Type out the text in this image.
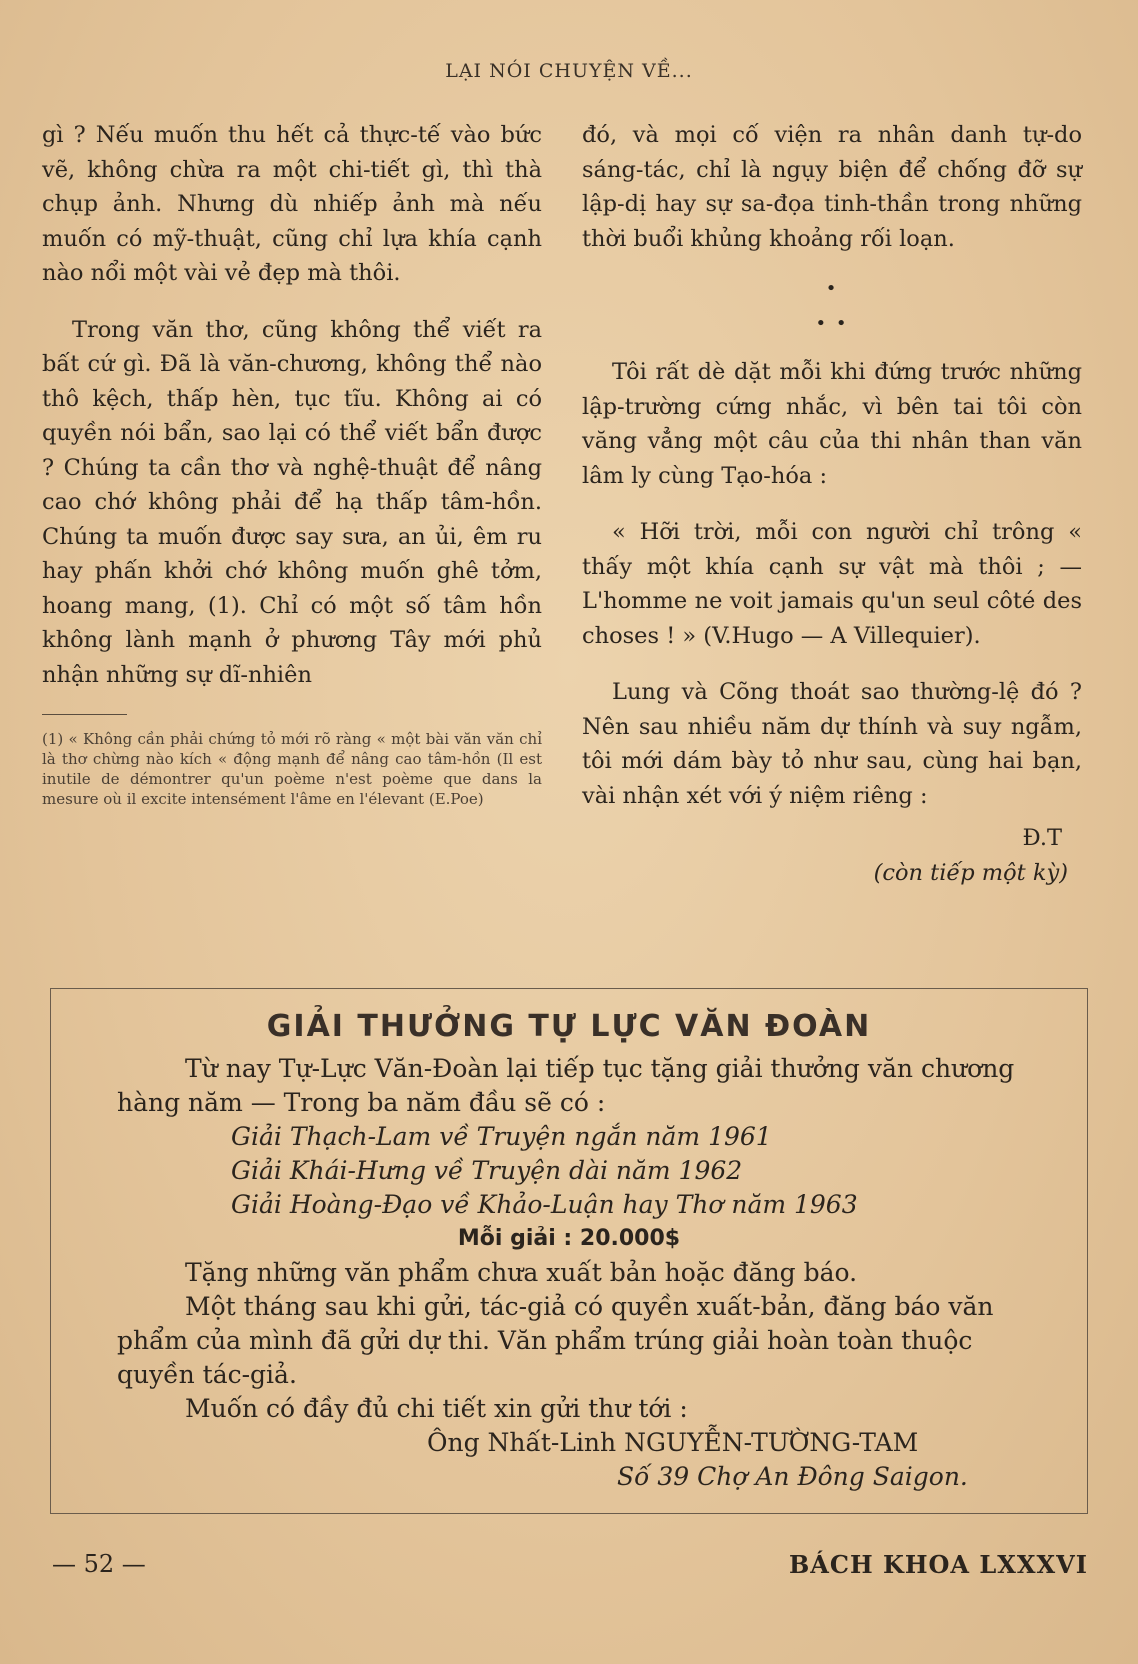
LẠI NÓI CHUYỆN VỀ...

gì ? Nếu muốn thu hết cả thực-tế vào bức vẽ, không chừa ra một chi-tiết gì, thì thà chụp ảnh. Nhưng dù nhiếp ảnh mà nếu muốn có mỹ-thuật, cũng chỉ lựa khía cạnh nào nổi một vài vẻ đẹp mà thôi.

Trong văn thơ, cũng không thể viết ra bất cứ gì. Đã là văn-chương, không thể nào thô kệch, thấp hèn, tục tĩu. Không ai có quyền nói bẩn, sao lại có thể viết bẩn được ? Chúng ta cần thơ và nghệ-thuật để nâng cao chớ không phải để hạ thấp tâm-hồn. Chúng ta muốn được say sưa, an ủi, êm ru hay phấn khởi chớ không muốn ghê tởm, hoang mang, (1). Chỉ có một số tâm hồn không lành mạnh ở phương Tây mới phủ nhận những sự dĩ-nhiên

(1) « Không cần phải chứng tỏ mới rõ ràng « một bài văn văn chỉ là thơ chừng nào kích « động mạnh để nâng cao tâm-hồn (Il est inutile de démontrer qu'un poème n'est poème que dans la mesure où il excite intensément l'âme en l'élevant (E.Poe)

đó, và mọi cố viện ra nhân danh tự-do sáng-tác, chỉ là ngụy biện để chống đỡ sự lập-dị hay sự sa-đọa tinh-thần trong những thời buổi khủng khoảng rối loạn.

•
• •

Tôi rất dè dặt mỗi khi đứng trước những lập-trường cứng nhắc, vì bên tai tôi còn văng vẳng một câu của thi nhân than văn lâm ly cùng Tạo-hóa :

« Hỡi trời, mỗi con người chỉ trông « thấy một khía cạnh sự vật mà thôi ; — L'homme ne voit jamais qu'un seul côté des choses ! » (V.Hugo — A Villequier).

Lung và Cõng thoát sao thường-lệ đó ? Nên sau nhiều năm dự thính và suy ngẫm, tôi mới dám bày tỏ như sau, cùng hai bạn, vài nhận xét với ý niệm riêng :

Đ.T
(còn tiếp một kỳ)
GIẢI THƯỞNG TỰ LỰC VĂN ĐOÀN

Từ nay Tự-Lực Văn-Đoàn lại tiếp tục tặng giải thưởng văn chương hàng năm — Trong ba năm đầu sẽ có :

Giải Thạch-Lam về Truyện ngắn năm 1961

Giải Khái-Hưng về Truyện dài năm 1962

Giải Hoàng-Đạo về Khảo-Luận hay Thơ năm 1963

Mỗi giải : 20.000$

Tặng những văn phẩm chưa xuất bản hoặc đăng báo.

Một tháng sau khi gửi, tác-giả có quyền xuất-bản, đăng báo văn phẩm của mình đã gửi dự thi. Văn phẩm trúng giải hoàn toàn thuộc quyền tác-giả.

Muốn có đầy đủ chi tiết xin gửi thư tới :

Ông Nhất-Linh NGUYỄN-TƯỜNG-TAM

Số 39 Chợ An Đông Saigon.

— 52 —	BÁCH KHOA LXXXVI
